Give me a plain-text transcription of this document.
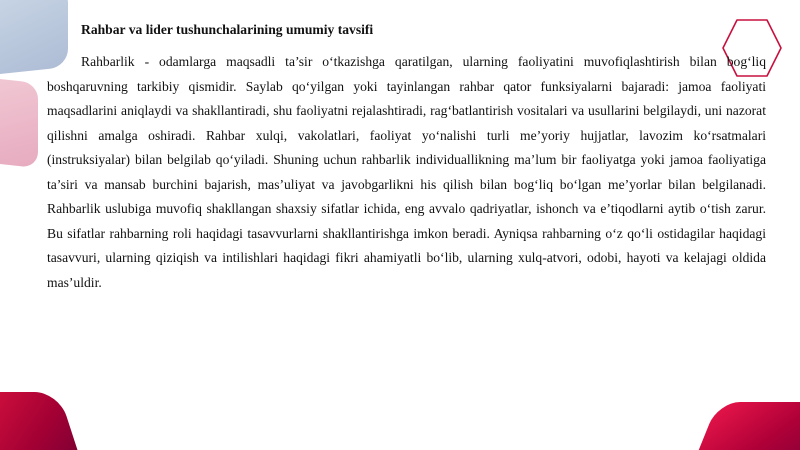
Rahbar va lider tushunchalarining umumiy tavsifi

Rahbarlik - odamlarga maqsadli ta’sir o‘tkazishga qaratilgan, ularning faoliyatini muvofiqlashtirish bilan bog‘liq boshqaruvning tarkibiy qismidir. Saylab qo‘yilgan yoki tayinlangan rahbar qator funksiyalarni bajaradi: jamoa faoliyati maqsadlarini aniqlaydi va shakllantiradi, shu faoliyatni rejalashtiradi, rag‘batlantirish vositalari va usullarini belgilaydi, uni nazorat qilishni amalga oshiradi. Rahbar xulqi, vakolatlari, faoliyat yo‘nalishi turli me’yoriy hujjatlar, lavozim ko‘rsatmalari (instruksiyalar) bilan belgilab qo‘yiladi. Shuning uchun rahbarlik individuallikning ma’lum bir faoliyatga yoki jamoa faoliyatiga ta’siri va mansab burchini bajarish, mas’uliyat va javobgarlikni his qilish bilan bog‘liq bo‘lgan me’yorlar bilan belgilanadi. Rahbarlik uslubiga muvofiq shakllangan shaxsiy sifatlar ichida, eng avvalo qadriyatlar, ishonch va e’tiqodlarni aytib o‘tish zarur. Bu sifatlar rahbarning roli haqidagi tasavvurlarni shakllantirishga imkon beradi. Ayniqsa rahbarning o‘z qo‘li ostidagilar haqidagi tasavvuri, ularning qiziqish va intilishlari haqidagi fikri ahamiyatli bo‘lib, ularning xulq-atvori, odobi, hayoti va kelajagi oldida mas’uldir.
